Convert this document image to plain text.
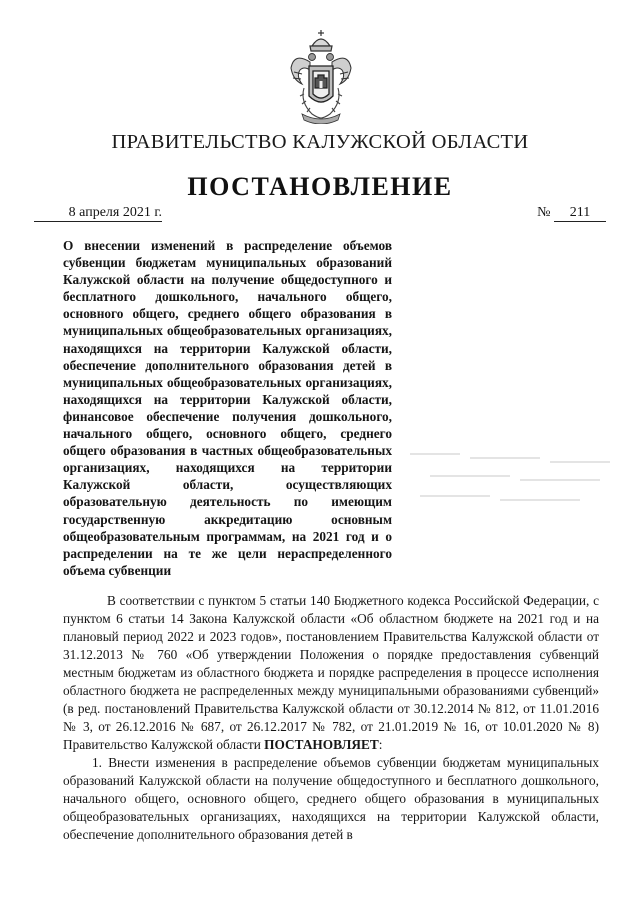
ПРАВИТЕЛЬСТВО КАЛУЖСКОЙ ОБЛАСТИ
ПОСТАНОВЛЕНИЕ
8 апреля 2021 г.	№ 211
О внесении изменений в распределение объемов субвенции бюджетам муниципальных образований Калужской области на получение общедоступного и бесплатного дошкольного, начального общего, основного общего, среднего общего образования в муниципальных общеобразовательных организациях, находящихся на территории Калужской области, обеспечение дополнительного образования детей в муниципальных общеобразовательных организациях, находящихся на территории Калужской области, финансовое обеспечение получения дошкольного, начального общего, основного общего, среднего общего образования в частных общеобразовательных организациях, находящихся на территории Калужской области, осуществляющих образовательную деятельность по имеющим государственную аккредитацию основным общеобразовательным программам, на 2021 год и о распределении на те же цели нераспределенного объема субвенции

В соответствии с пунктом 5 статьи 140 Бюджетного кодекса Российской Федерации, с пунктом 6 статьи 14 Закона Калужской области «Об областном бюджете на 2021 год и на плановый период 2022 и 2023 годов», постановлением Правительства Калужской области от 31.12.2013 № 760 «Об утверждении Положения о порядке предоставления субвенций местным бюджетам из областного бюджета и порядке распределения в процессе исполнения областного бюджета не распределенных между муниципальными образованиями субвенций» (в ред. постановлений Правительства Калужской области от 30.12.2014 № 812, от 11.01.2016 № 3, от 26.12.2016 № 687, от 26.12.2017 № 782, от 21.01.2019 № 16, от 10.01.2020 № 8) Правительство Калужской области ПОСТАНОВЛЯЕТ:

1. Внести изменения в распределение объемов субвенции бюджетам муниципальных образований Калужской области на получение общедоступного и бесплатного дошкольного, начального общего, основного общего, среднего общего образования в муниципальных общеобразовательных организациях, находящихся на территории Калужской области, обеспечение дополнительного образования детей в
